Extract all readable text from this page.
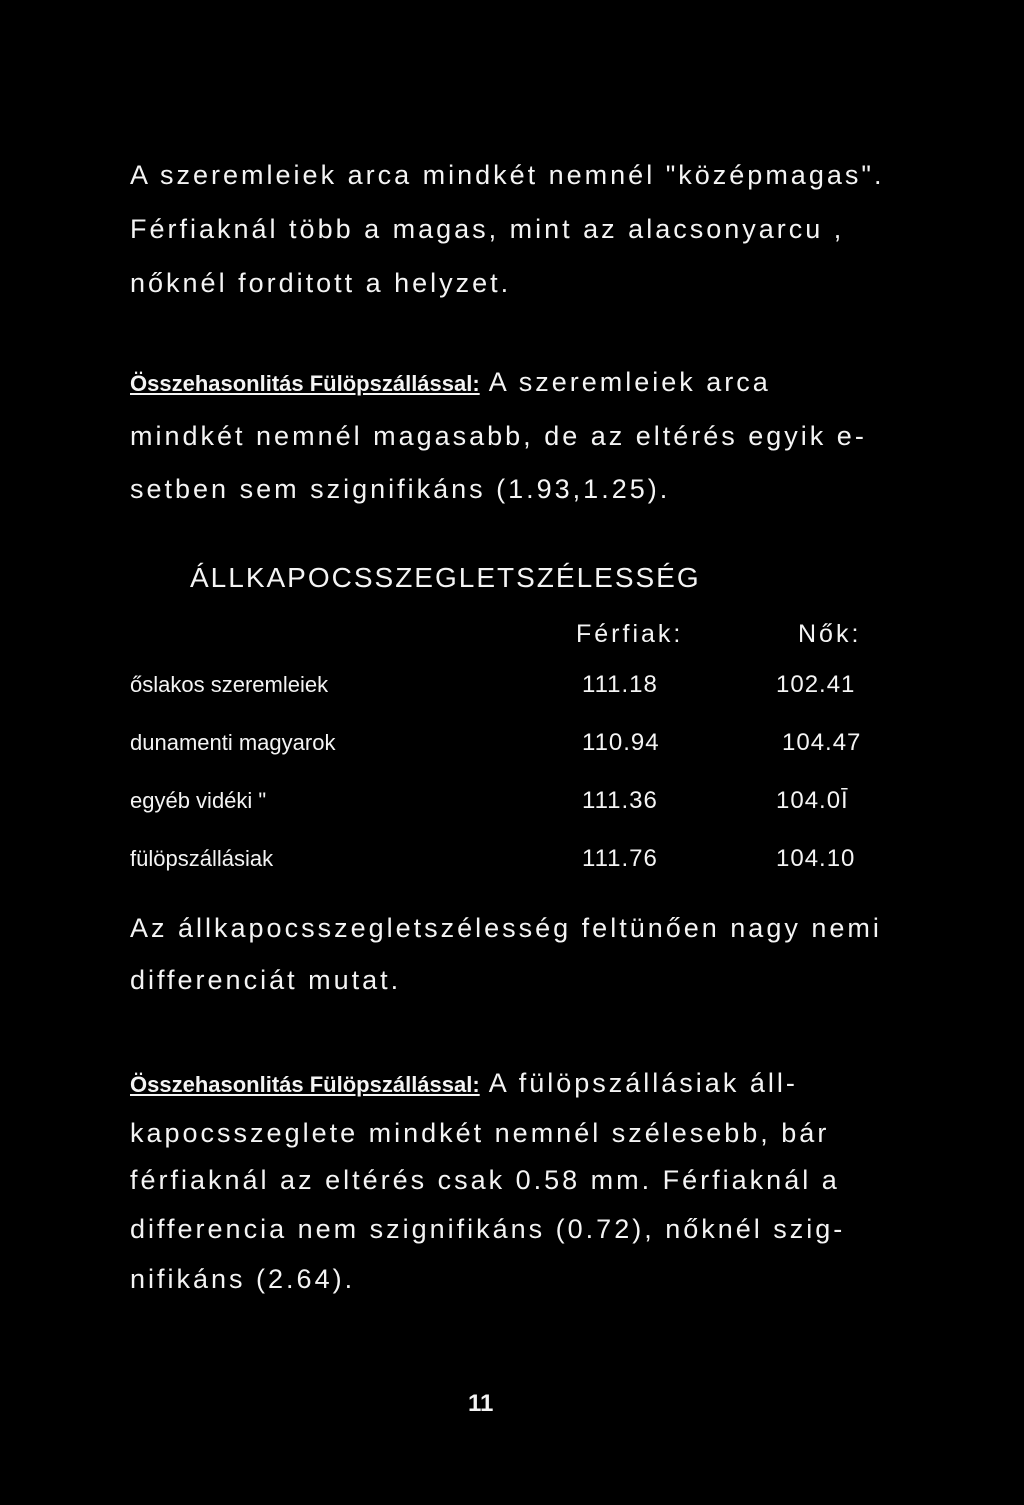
A szeremleiek arca mindkét nemnél "középmagas".
Férfiaknál több a magas, mint az alacsonyarcu ,
nőknél forditott a helyzet.
Összehasonlitás Fülöpszállással: A szeremleiek arca
mindkét nemnél magasabb, de az eltérés egyik e-
setben sem szignifikáns (1.93,1.25).
ÁLLKAPOCSSZEGLETSZÉLESSÉG
Férfiak:	Nők:
őslakos szeremleiek	111.18	102.41
dunamenti magyarok	110.94	104.47
egyéb vidéki "	111.36	104.0Ī
fülöpszállásiak	111.76	104.10
Az állkapocsszegletszélesség feltünően nagy nemi
differenciát mutat.
Összehasonlitás Fülöpszállással: A fülöpszállásiak áll-
kapocsszeglete mindkét nemnél szélesebb, bár
férfiaknál az eltérés csak 0.58 mm. Férfiaknál a
differencia nem szignifikáns (0.72), nőknél szig-
nifikáns (2.64).
11
